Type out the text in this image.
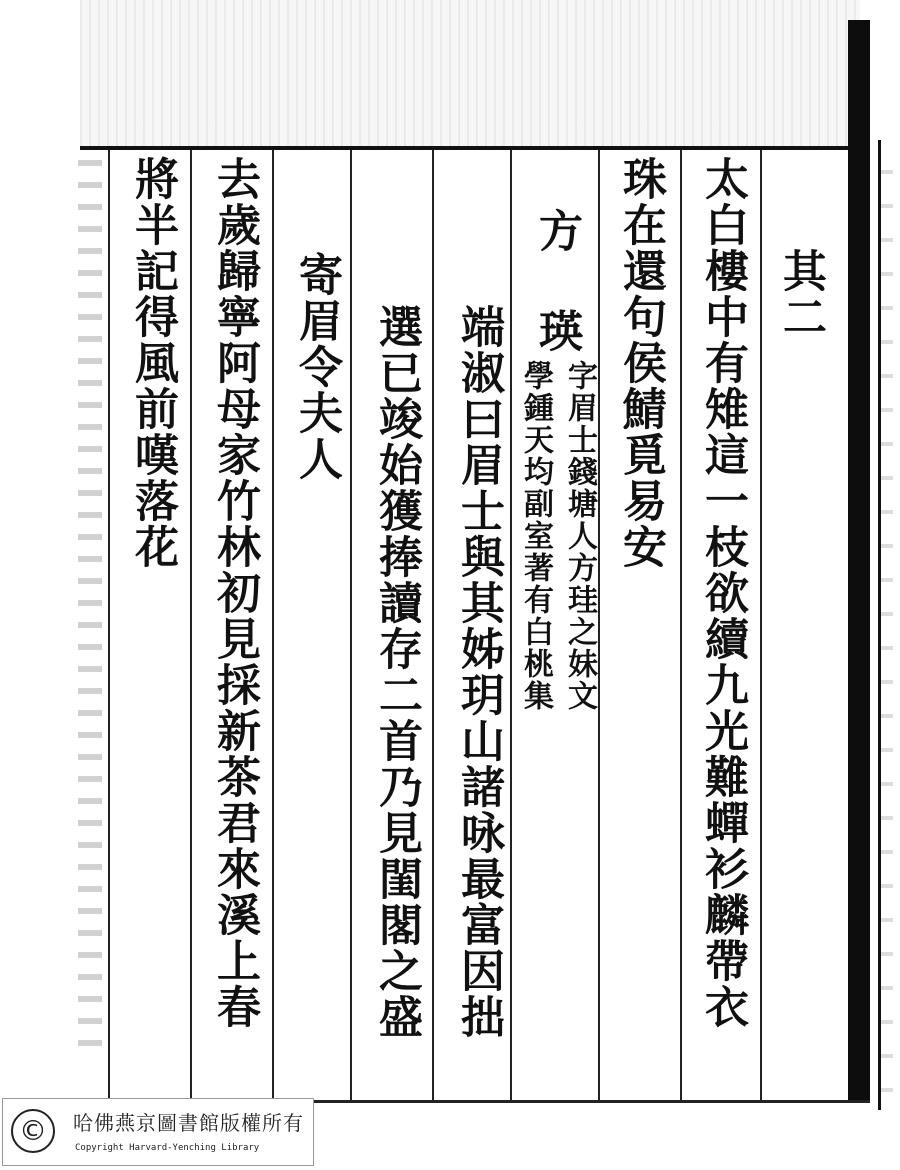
太白樓中有雉這一枝欲續九光難蟬衫麟帶衣 其二
珠在還句侯鯖覓易安
方
瑛
字眉士錢塘人方珪之妹文
學鍾天均副室著有白桃集
端淑曰眉士與其姊玥山諸咏最富因拙
選已竣始獲捧讀存二首乃見閨閣之盛
寄眉令夫人
去歲歸寧阿母家竹林初見採新茶君來溪上春
將半記得風前嘆落花
©	哈佛燕京圖書館版權所有
Copyright Harvard-Yenching Library
